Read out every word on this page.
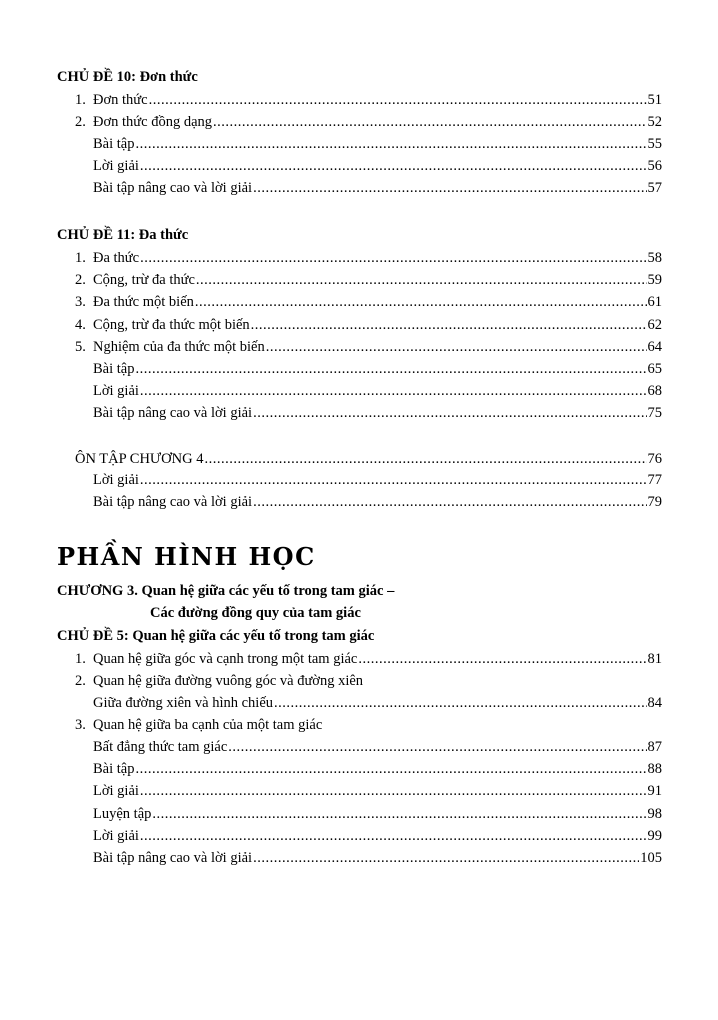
CHỦ ĐỀ 10: Đơn thức
1. Đơn thức .....	51
2. Đơn thức đồng dạng .....	52
Bài tập .....	55
Lời giải .....	56
Bài tập nâng cao và lời giải .....	57
CHỦ ĐỀ 11: Đa thức
1. Đa thức .....	58
2. Cộng, trừ đa thức .....	59
3. Đa thức một biến .....	61
4. Cộng, trừ đa thức một biến .....	62
5. Nghiệm của đa thức một biến .....	64
Bài tập .....	65
Lời giải .....	68
Bài tập nâng cao và lời giải .....	75
ÔN TẬP CHƯƠNG 4 .....	76
Lời giải .....	77
Bài tập nâng cao và lời giải .....	79
PHẦN HÌNH HỌC
CHƯƠNG 3. Quan hệ giữa các yếu tố trong tam giác –
Các đường đồng quy của tam giác
CHỦ ĐỀ 5: Quan hệ giữa các yếu tố trong tam giác
1. Quan hệ giữa góc và cạnh trong một tam giác .....	81
2. Quan hệ giữa đường vuông góc và đường xiên
Giữa đường xiên và hình chiếu .....	84
3. Quan hệ giữa ba cạnh của một tam giác
Bất đẳng thức tam giác .....	87
Bài tập .....	88
Lời giải .....	91
Luyện tập .....	98
Lời giải .....	99
Bài tập nâng cao và lời giải .....	105
